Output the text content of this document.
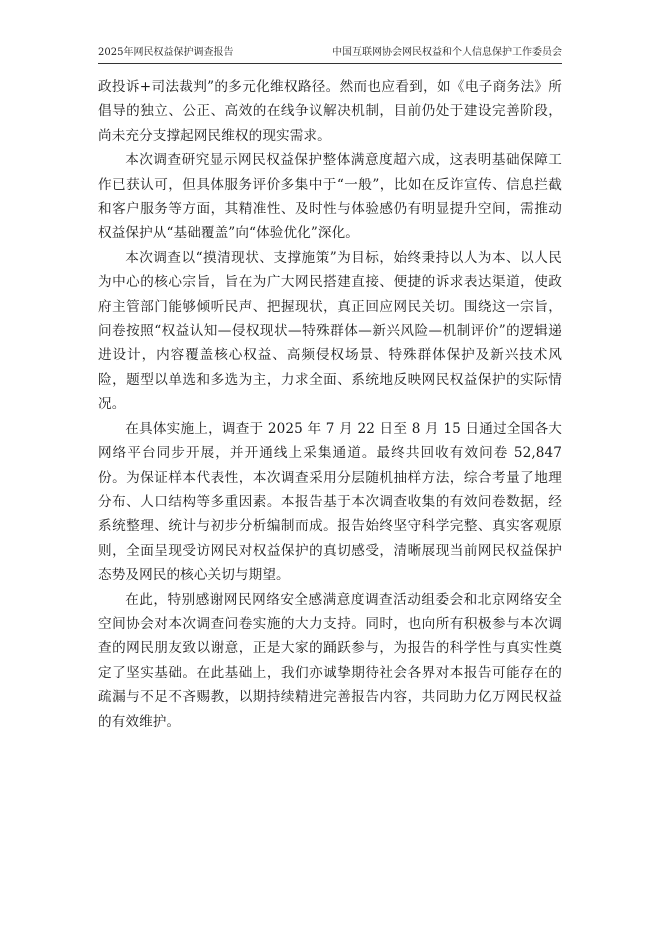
2025年网民权益保护调查报告	中国互联网协会网民权益和个人信息保护工作委员会

政投诉+司法裁判”的多元化维权路径。然而也应看到，如《电子商务法》所倡导的独立、公正、高效的在线争议解决机制，目前仍处于建设完善阶段，尚未充分支撑起网民维权的现实需求。

本次调查研究显示网民权益保护整体满意度超六成，这表明基础保障工作已获认可，但具体服务评价多集中于“一般”，比如在反诈宣传、信息拦截和客户服务等方面，其精准性、及时性与体验感仍有明显提升空间，需推动权益保护从“基础覆盖”向“体验优化”深化。

本次调查以“摸清现状、支撑施策”为目标，始终秉持以人为本、以人民为中心的核心宗旨，旨在为广大网民搭建直接、便捷的诉求表达渠道，使政府主管部门能够倾听民声、把握现状，真正回应网民关切。围绕这一宗旨，问卷按照“权益认知—侵权现状—特殊群体—新兴风险—机制评价”的逻辑递进设计，内容覆盖核心权益、高频侵权场景、特殊群体保护及新兴技术风险，题型以单选和多选为主，力求全面、系统地反映网民权益保护的实际情况。

在具体实施上，调查于 2025 年 7 月 22 日至 8 月 15 日通过全国各大网络平台同步开展，并开通线上采集通道。最终共回收有效问卷 52,847 份。为保证样本代表性，本次调查采用分层随机抽样方法，综合考量了地理分布、人口结构等多重因素。本报告基于本次调查收集的有效问卷数据，经系统整理、统计与初步分析编制而成。报告始终坚守科学完整、真实客观原则，全面呈现受访网民对权益保护的真切感受，清晰展现当前网民权益保护态势及网民的核心关切与期望。

在此，特别感谢网民网络安全感满意度调查活动组委会和北京网络安全空间协会对本次调查问卷实施的大力支持。同时，也向所有积极参与本次调查的网民朋友致以谢意，正是大家的踊跃参与，为报告的科学性与真实性奠定了坚实基础。在此基础上，我们亦诚挚期待社会各界对本报告可能存在的疏漏与不足不吝赐教，以期持续精进完善报告内容，共同助力亿万网民权益的有效维护。
